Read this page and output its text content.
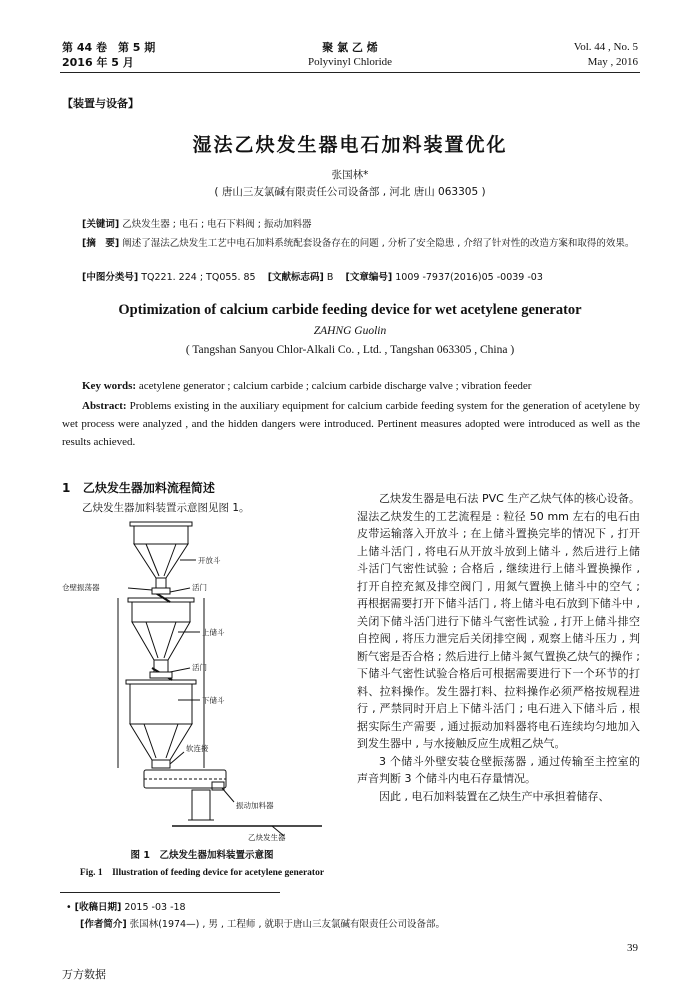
第 44 卷　第 5 期
2016 年 5 月
聚 氯 乙 烯
Polyvinyl Chloride
Vol. 44 , No. 5
May , 2016
【装置与设备】
湿法乙炔发生器电石加料装置优化
张国林*
( 唐山三友氯碱有限责任公司设备部 , 河北 唐山 063305 )
[关键词] 乙炔发生器 ; 电石 ; 电石下料阀 ; 振动加料器
[摘　要] 阐述了湿法乙炔发生工艺中电石加料系统配套设备存在的问题 , 分析了安全隐患 , 介绍了针对性的改造方案和取得的效果。
[中图分类号] TQ221. 224 ; TQ055. 85 [文献标志码] B [文章编号] 1009 -7937(2016)05 -0039 -03
Optimization of calcium carbide feeding device for wet acetylene generator
ZAHNG Guolin
( Tangshan Sanyou Chlor-Alkali Co. , Ltd. , Tangshan 063305 , China )
Key words: acetylene generator ; calcium carbide ; calcium carbide discharge valve ; vibration feeder
Abstract: Problems existing in the auxiliary equipment for calcium carbide feeding system for the generation of acetylene by wet process were analyzed , and the hidden dangers were introduced. Pertinent measures adopted were introduced as well as the results achieved.
1 乙炔发生器加料流程简述
乙炔发生器加料装置示意图见图 1。
开放斗
仓壁振荡器	活门
上储斗
活门
下储斗
软连接
振动加料器
乙炔发生器
图 1　乙炔发生器加料装置示意图
Fig. 1　Illustration of feeding device for acetylene generator

乙炔发生器是电石法 PVC 生产乙炔气体的核心设备。湿法乙炔发生的工艺流程是 : 粒径 50 mm 左右的电石由皮带运输落入开放斗 ; 在上储斗置换完毕的情况下 , 打开上储斗活门 , 将电石从开放斗放到上储斗 , 然后进行上储斗活门气密性试验 ; 合格后 , 继续进行上储斗置换操作 , 打开自控充氮及排空阀门 , 用氮气置换上储斗中的空气 ; 再根据需要打开下储斗活门 , 将上储斗电石放到下储斗中 , 关闭下储斗活门进行下储斗气密性试验 , 打开上储斗排空自控阀 , 将压力泄完后关闭排空阀 , 观察上储斗压力 , 判断气密是否合格 ; 然后进行上储斗氮气置换乙炔气的操作 ; 下储斗气密性试验合格后可根据需要进行下一个环节的打料、拉料操作。发生器打料、拉料操作必须严格按规程进行 , 严禁同时开启上下储斗活门 ; 电石进入下储斗后 , 根据实际生产需要 , 通过振动加料器将电石连续均匀地加入到发生器中 , 与水接触反应生成粗乙炔气。

3 个储斗外壁安装仓壁振荡器 , 通过传输至主控室的声音判断 3 个储斗内电石存量情况。

因此 , 电石加料装置在乙炔生产中承担着储存、

• [收稿日期] 2015 -03 -18
[作者简介] 张国林(1974—) , 男 , 工程师 , 就职于唐山三友氯碱有限责任公司设备部。
39
万方数据
